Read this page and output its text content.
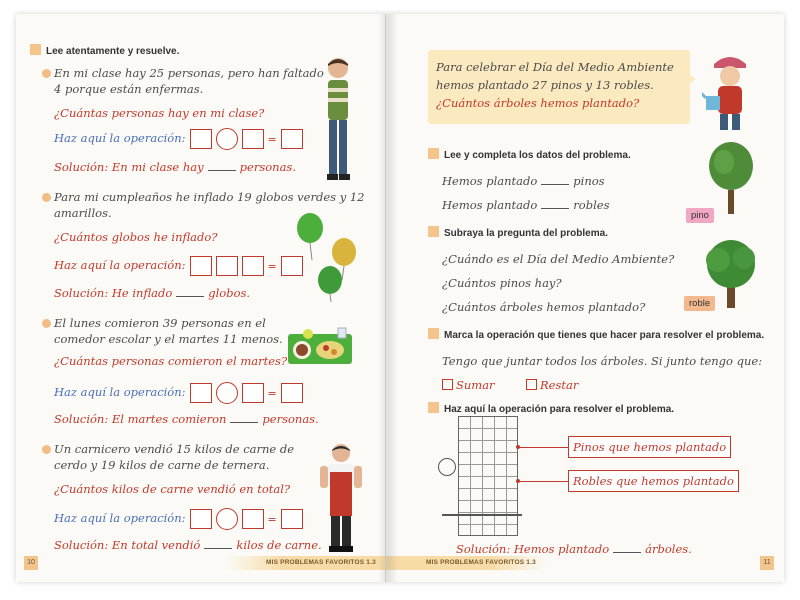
Lee atentamente y resuelve.
En mi clase hay 25 personas, pero han faltado
4 porque están enfermas.
¿Cuántas personas hay en mi clase?
Haz aquí la operación:	=
Solución: En mi clase hay	personas.
Para mi cumpleaños he inflado 19 globos verdes y 12
amarillos.
¿Cuántos globos he inflado?
Haz aquí la operación:	=
Solución: He inflado	globos.
El lunes comieron 39 personas en el
comedor escolar y el martes 11 menos.
¿Cuántas personas comieron el martes?
Haz aquí la operación:	=
Solución: El martes comieron	personas.
Un carnicero vendió 15 kilos de carne de
cerdo y 19 kilos de carne de ternera.
¿Cuántos kilos de carne vendió en total?
Haz aquí la operación:	=
Solución: En total vendió	kilos de carne.
10	MIS PROBLEMAS FAVORITOS 1.3
Para celebrar el Día del Medio Ambiente
hemos plantado 27 pinos y 13 robles.
¿Cuántos árboles hemos plantado?
Lee y completa los datos del problema.
Hemos plantado	pinos
Hemos plantado	robles
pino
Subraya la pregunta del problema.
¿Cuándo es el Día del Medio Ambiente?
¿Cuántos pinos hay?
¿Cuántos árboles hemos plantado?	roble
Marca la operación que tienes que hacer para resolver el problema.
Tengo que juntar todos los árboles. Si junto tengo que:
Sumar	Restar
Haz aquí la operación para resolver el problema.
Pinos que hemos plantado
Robles que hemos plantado
Solución: Hemos plantado	árboles.
MIS PROBLEMAS FAVORITOS 1.3	11
